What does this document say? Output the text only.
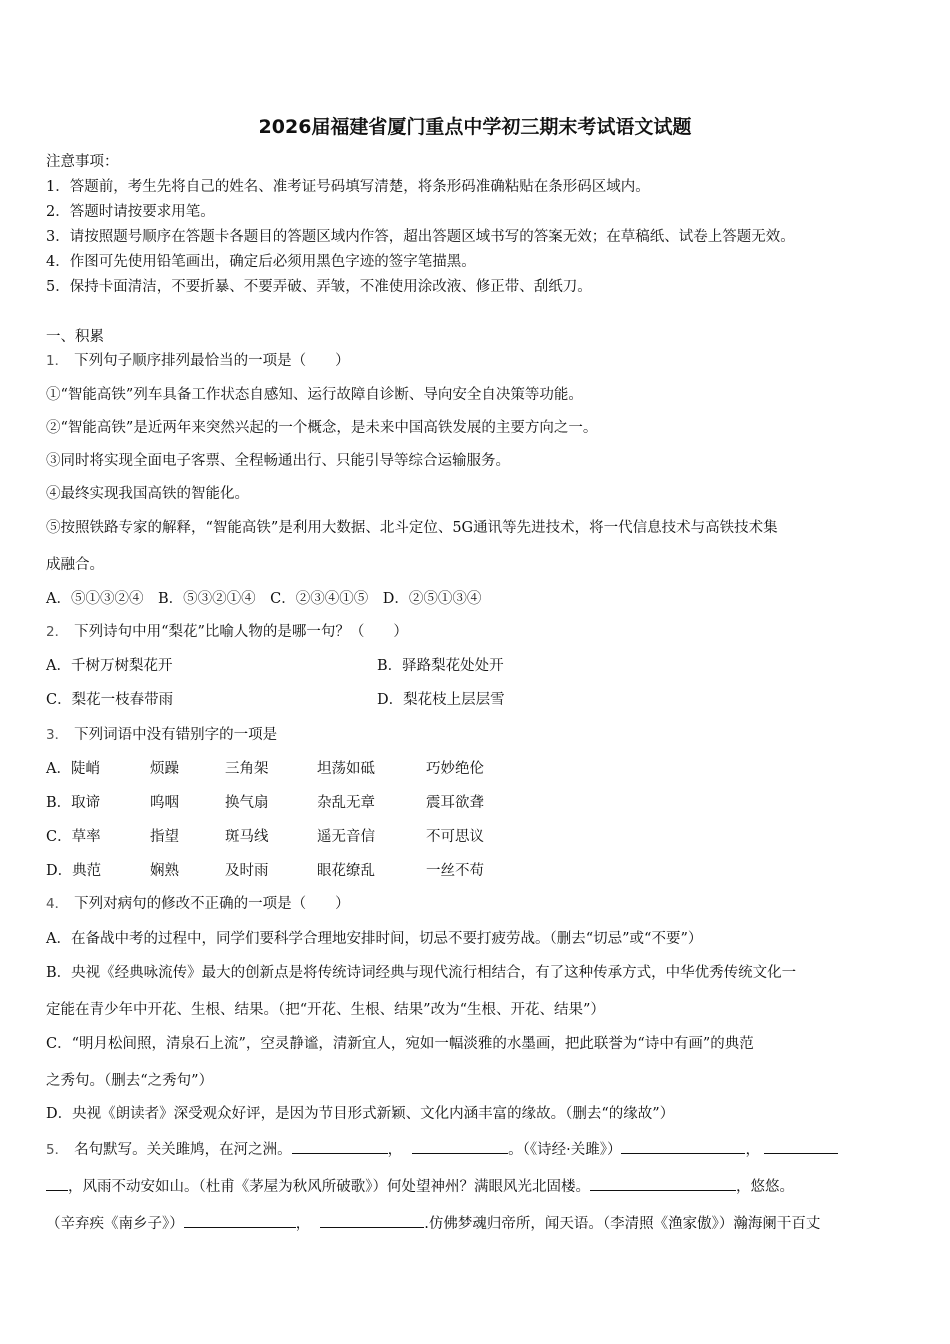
2026届福建省厦门重点中学初三期末考试语文试题
注意事项：
1．答题前，考生先将自己的姓名、准考证号码填写清楚，将条形码准确粘贴在条形码区域内。
2．答题时请按要求用笔。
3．请按照题号顺序在答题卡各题目的答题区域内作答，超出答题区域书写的答案无效；在草稿纸、试卷上答题无效。
4．作图可先使用铅笔画出，确定后必须用黑色字迹的签字笔描黑。
5．保持卡面清洁，不要折暴、不要弄破、弄皱，不准使用涂改液、修正带、刮纸刀。
一、积累
1． 下列句子顺序排列最恰当的一项是（　　）
①“智能高铁”列车具备工作状态自感知、运行故障自诊断、导向安全自决策等功能。
②“智能高铁”是近两年来突然兴起的一个概念，是未来中国高铁发展的主要方向之一。
③同时将实现全面电子客票、全程畅通出行、只能引导等综合运输服务。
④最终实现我国高铁的智能化。
⑤按照铁路专家的解释，“智能高铁”是利用大数据、北斗定位、5G通讯等先进技术，将一代信息技术与高铁技术集
成融合。
A．⑤①③②④　B．⑤③②①④　C．②③④①⑤　D．②⑤①③④
2． 下列诗句中用“梨花”比喻人物的是哪一句？（　　）
A．千树万树梨花开	B．驿路梨花处处开
C．梨花一枝春带雨	D．梨花枝上层层雪
3． 下列词语中没有错别字的一项是
A．陡峭	烦躁	三角架	坦荡如砥	巧妙绝伦
B．取谛	呜咽	换气扇	杂乱无章	震耳欲聋
C．草率	指望	斑马线	遥无音信	不可思议
D．典范	娴熟	及时雨	眼花缭乱	一丝不苟
4． 下列对病句的修改不正确的一项是（　　）
A．在备战中考的过程中，同学们要科学合理地安排时间，切忌不要打疲劳战。（删去“切忌”或“不要”）
B．央视《经典咏流传》最大的创新点是将传统诗词经典与现代流行相结合，有了这种传承方式，中华优秀传统文化一
定能在青少年中开花、生根、结果。（把“开花、生根、结果”改为“生根、开花、结果”）
C．“明月松间照，清泉石上流”，空灵静谧，清新宜人，宛如一幅淡雅的水墨画，把此联誉为“诗中有画”的典范
之秀句。（删去“之秀句”）
D．央视《朗读者》深受观众好评，是因为节目形式新颖、文化内涵丰富的缘故。（删去“的缘故”）
5． 名句默写。关关雎鸠，在河之洲。	，	。（《诗经·关雎》）	，
，风雨不动安如山。（杜甫《茅屋为秋风所破歌》）何处望神州？满眼风光北固楼。	，悠悠。
（辛弃疾《南乡子》）	，	.仿佛梦魂归帝所，闻天语。（李清照《渔家傲》）瀚海阑干百丈
